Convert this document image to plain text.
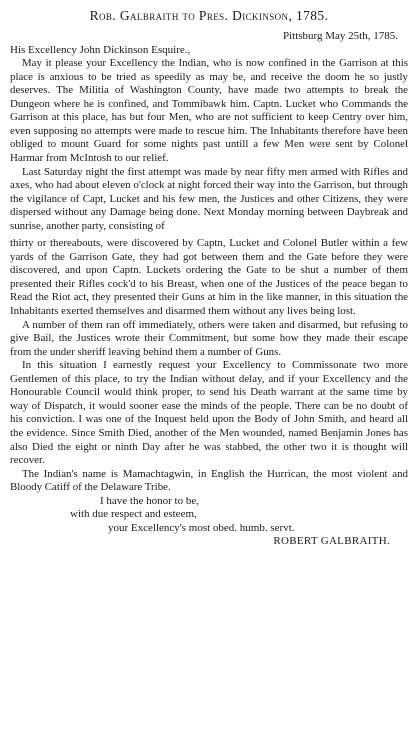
Rob. Galbraith to Pres. Dickinson, 1785.

Pittsburg May 25th, 1785.

His Excellency John Dickinson Esquire.,

May it please your Excellency the Indian, who is now confined in the Garrison at this place is anxious to be tried as speedily as may be, and receive the doom he so justly deserves. The Militia of Washington County, have made two attempts to break the Dungeon where he is confined, and Tommibawk him. Captn. Lucket who Commands the Garrison at this place, has but four Men, who are not sufficient to keep Centry over him, even supposing no attempts were made to rescue him. The Inhabitants therefore have been obliged to mount Guard for some nights past untill a few Men were sent by Colonel Harmar from McIntosh to our relief.

Last Saturday night the first attempt was made by near fifty men armed with Rifles and axes, who had about eleven o'clock at night forced their way into the Garrison, but through the vigilance of Capt, Lucket and his few men, the Justices and other Citizens, they were dispersed without any Damage being done. Next Monday morning between Daybreak and sunrise, another party, consisting of

thirty or thereabouts, were discovered by Captn, Lucket and Colonel Butler within a few yards of the Garrison Gate, they had got between them and the Gate before they were discovered, and upon Captn. Luckets ordering the Gate to be shut a number of them presented their Rifles cock'd to his Breast, when one of the Justices of the peace began to Read the Riot act, they presented their Guns at him in the like manner, in this situation the Inhabitants exerted themselves and disarmed them without any lives being lost.

A number of them ran off immediately, others were taken and disarmed, but refusing to give Bail, the Justices wrote their Commitment, but some how they made their escape from the under sheriff leaving behind them a number of Guns.

In this situation I earnestly request your Excellency to Commissonate two more Gentlemen of this place, to try the Indian without delay, and if your Excellency and the Honourable Council would think proper, to send his Death warrant at the same time by way of Dispatch, it would sooner ease the minds of the people. There can be no doubt of his conviction. I was one of the Inquest held upon the Body of John Smith, and heard all the evidence. Since Smith Died, another of the Men wounded, named Benjamin Jones has also Died the eight or ninth Day after he was stabbed, the other two it is thought will recover.

The Indian's name is Mamachtagwin, in English the Hurrican, the most violent and Bloody Catiff of the Delaware Tribe.

I have the honor to be,

with due respect and esteem,

your Excellency's most obed. humb. servt.

ROBERT GALBRAITH.
